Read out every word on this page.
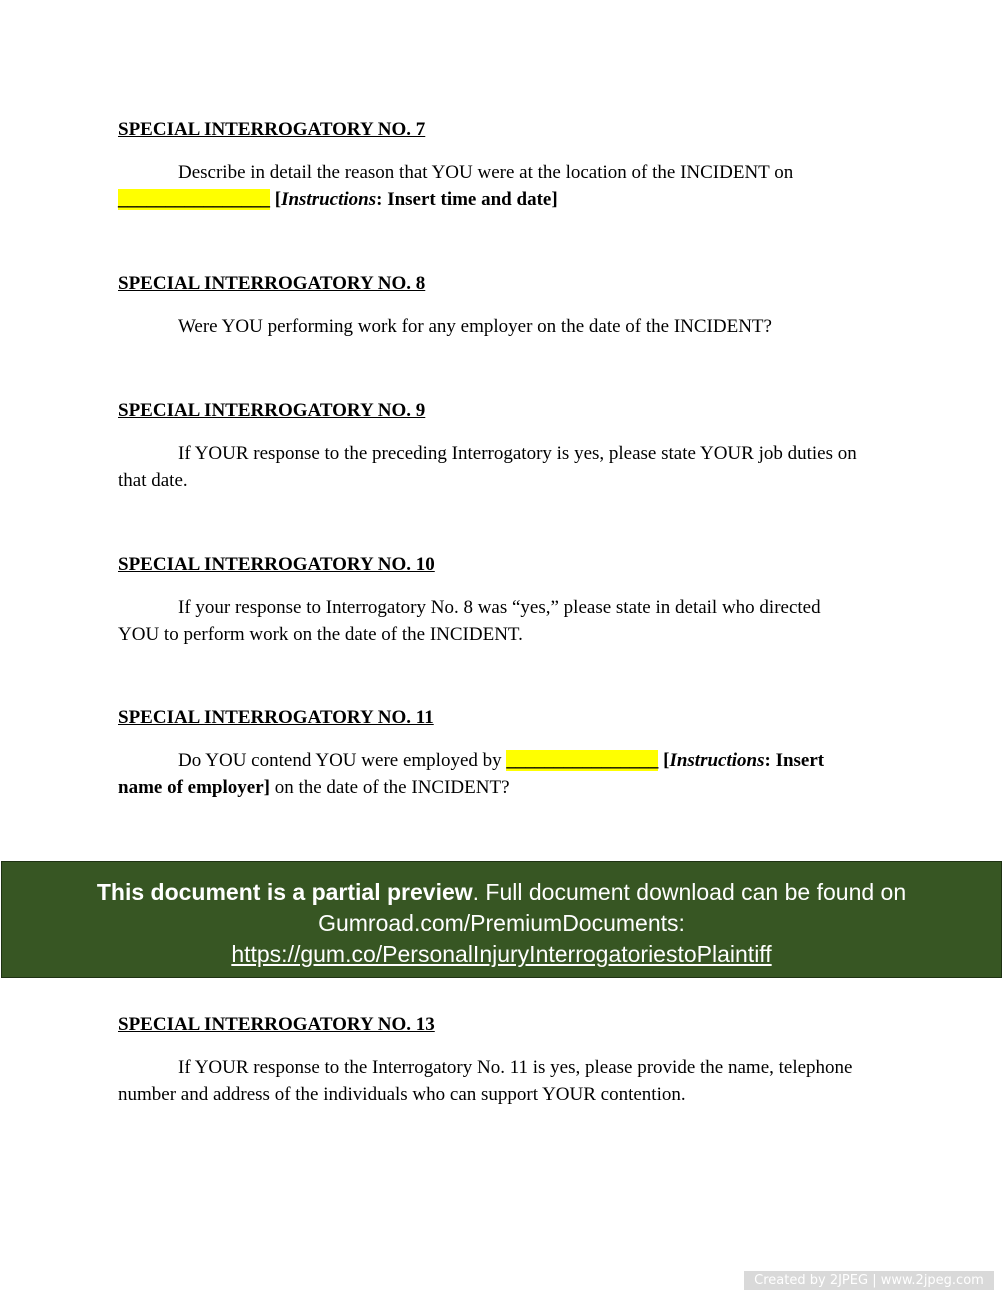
SPECIAL INTERROGATORY NO. 7

Describe in detail the reason that YOU were at the location of the INCIDENT on ________________ [Instructions: Insert time and date]

SPECIAL INTERROGATORY NO. 8

Were YOU performing work for any employer on the date of the INCIDENT?

SPECIAL INTERROGATORY NO. 9

If YOUR response to the preceding Interrogatory is yes, please state YOUR job duties on that date.

SPECIAL INTERROGATORY NO. 10

If your response to Interrogatory No. 8 was “yes,” please state in detail who directed YOU to perform work on the date of the INCIDENT.

SPECIAL INTERROGATORY NO. 11

Do YOU contend YOU were employed by ________________ [Instructions: Insert name of employer] on the date of the INCIDENT?

This document is a partial preview. Full document download can be found on Gumroad.com/PremiumDocuments:
https://gum.co/PersonalInjuryInterrogatoriestoPlaintiff

SPECIAL INTERROGATORY NO. 13

If YOUR response to the Interrogatory No. 11 is yes, please provide the name, telephone number and address of the individuals who can support YOUR contention.

Created by 2JPEG | www.2jpeg.com
